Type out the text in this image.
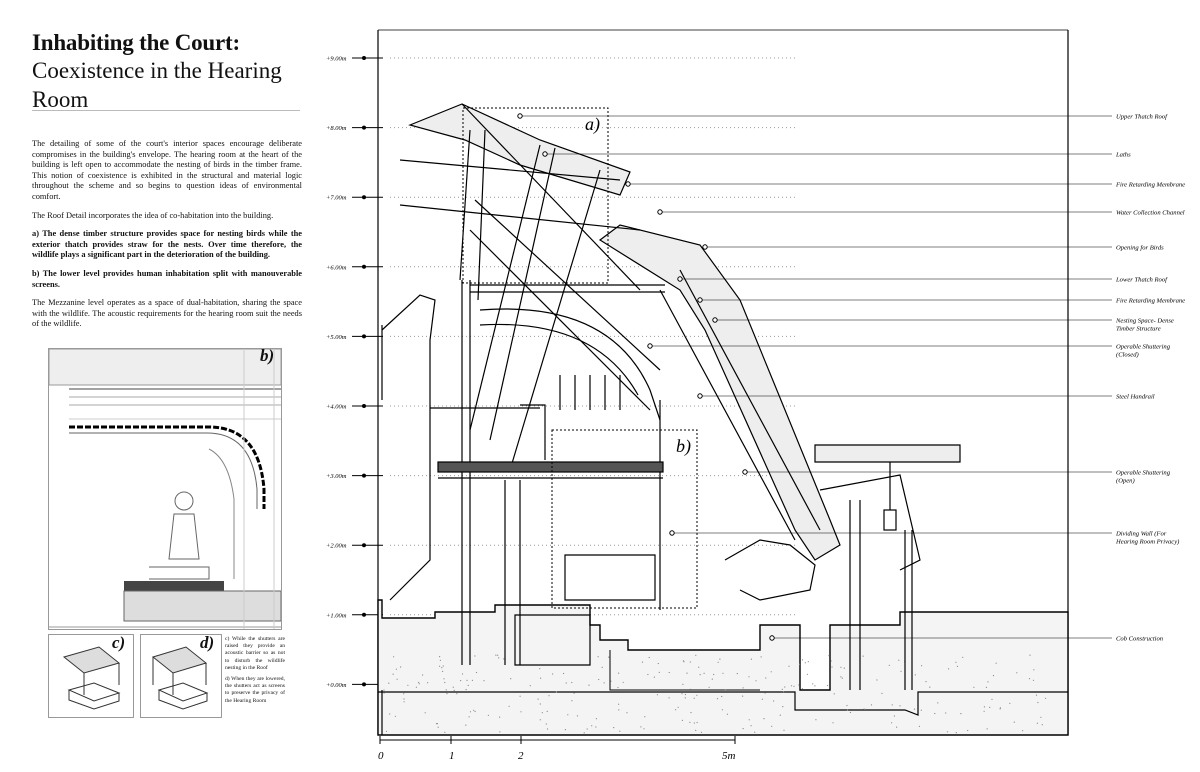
Inhabiting the Court:
Coexistence in the Hearing Room

The detailing of some of the court's interior spaces encourage deliberate compromises in the building's envelope. The hearing room at the heart of the building is left open to accommodate the nesting of birds in the timber frame. This notion of coexistence is exhibited in the structural and material logic throughout the scheme and so begins to question ideas of environmental comfort.

The Roof Detail incorporates the idea of co-habitation into the building.

a) The dense timber structure provides space for nesting birds while the exterior thatch provides straw for the nests. Over time therefore, the wildlife plays a significant part in the deterioration of the building.

b) The lower level provides human inhabitation split with manouverable screens.

The Mezzanine level operates as a space of dual-habitation, sharing the space with the wildlife. The acoustic requirements for the hearing room suit the needs of the wildlife.

b)
c)	d) c) While the shutters are raised they provide an acoustic barrier so as not to disturb the wildlife nesting in the Roof

d) When they are lowered, the shutters act as screens to preserve the privacy of the Hearing Room

+9.00m
+8.00m
+7.00m
+6.00m
+5.00m
+4.00m
+3.00m
+2.00m
+1.00m
+0.00m
a)
b)
Upper Thatch Roof
Laths
Fire Retarding Membrane
Water Collection Channel
Opening for Birds
Lower Thatch Roof
Fire Retarding Membrane
Nesting Space- Dense Timber Structure
Operable Shuttering (Closed)
Steel Handrail
Operable Shuttering (Open)
Dividing Wall (For Hearing Room Privacy)
Cob Construction
0	1	2	5m
